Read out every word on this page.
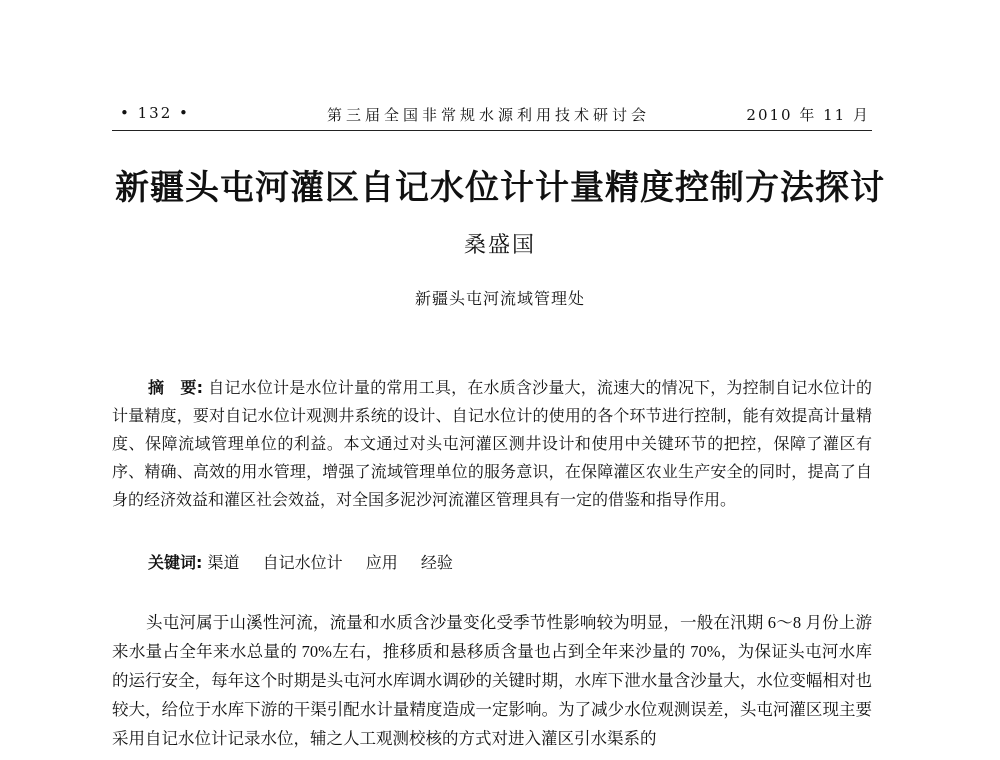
• 132 •	第三届全国非常规水源利用技术研讨会	2010 年 11 月
新疆头屯河灌区自记水位计计量精度控制方法探讨
桑盛国
新疆头屯河流域管理处
摘　要: 自记水位计是水位计量的常用工具，在水质含沙量大，流速大的情况下，为控制自记水位计的计量精度，要对自记水位计观测井系统的设计、自记水位计的使用的各个环节进行控制，能有效提高计量精度、保障流域管理单位的利益。本文通过对头屯河灌区测井设计和使用中关键环节的把控，保障了灌区有序、精确、高效的用水管理，增强了流域管理单位的服务意识，在保障灌区农业生产安全的同时，提高了自身的经济效益和灌区社会效益，对全国多泥沙河流灌区管理具有一定的借鉴和指导作用。
关键词: 渠道 自记水位计 应用 经验
头屯河属于山溪性河流，流量和水质含沙量变化受季节性影响较为明显，一般在汛期 6～8 月份上游来水量占全年来水总量的 70%左右，推移质和悬移质含量也占到全年来沙量的 70%，为保证头屯河水库的运行安全，每年这个时期是头屯河水库调水调砂的关键时期，水库下泄水量含沙量大，水位变幅相对也较大，给位于水库下游的干渠引配水计量精度造成一定影响。为了减少水位观测误差，头屯河灌区现主要采用自记水位计记录水位，辅之人工观测校核的方式对进入灌区引水渠系的
